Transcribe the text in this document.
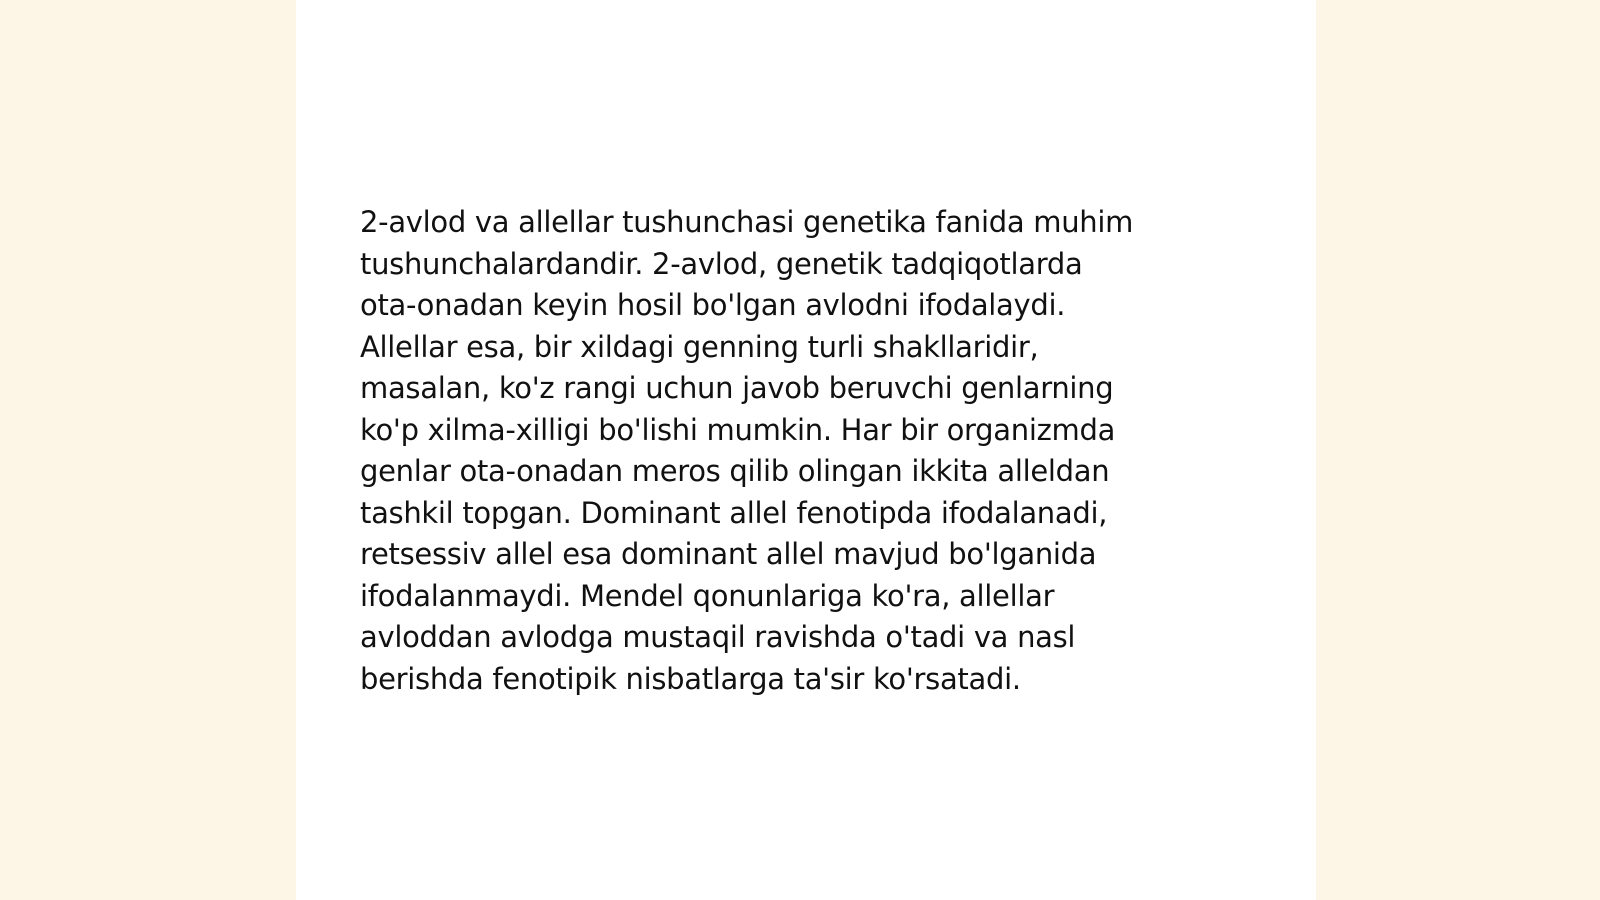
2-avlod va allellar tushunchasi genetika fanida muhim
tushunchalardandir. 2-avlod, genetik tadqiqotlarda
ota-onadan keyin hosil bo'lgan avlodni ifodalaydi.
Allellar esa, bir xildagi genning turli shakllaridir,
masalan, ko'z rangi uchun javob beruvchi genlarning
ko'p xilma-xilligi bo'lishi mumkin. Har bir organizmda
genlar ota-onadan meros qilib olingan ikkita alleldan
tashkil topgan. Dominant allel fenotipda ifodalanadi,
retsessiv allel esa dominant allel mavjud bo'lganida
ifodalanmaydi. Mendel qonunlariga ko'ra, allellar
avloddan avlodga mustaqil ravishda o'tadi va nasl
berishda fenotipik nisbatlarga ta'sir ko'rsatadi.
